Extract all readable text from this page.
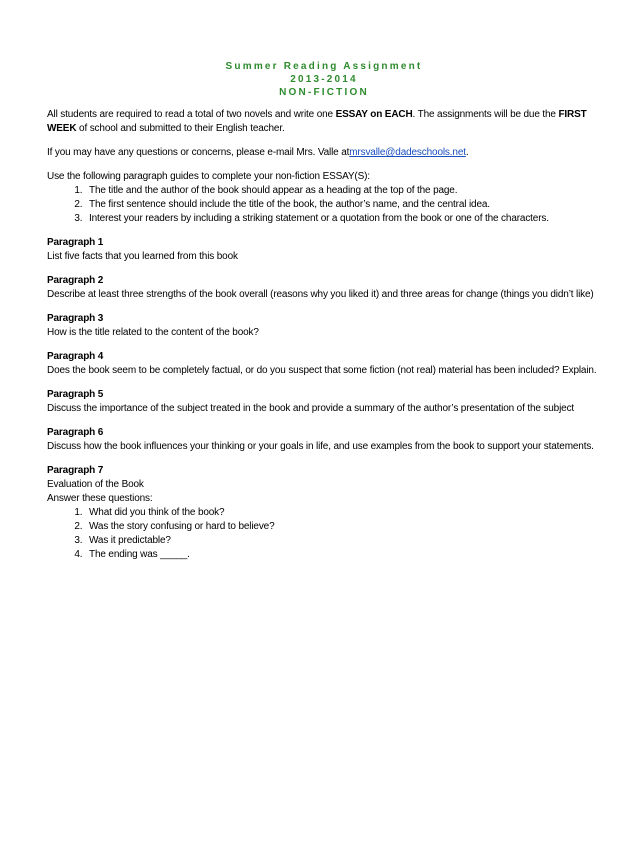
Summer Reading Assignment
2013-2014
NON-FICTION

All students are required to read a total of two novels and write one ESSAY on EACH. The assignments will be due the FIRST WEEK of school and submitted to their English teacher.

If you may have any questions or concerns, please e-mail Mrs. Valle atmrsvalle@dadeschools.net.

Use the following paragraph guides to complete your non-fiction ESSAY(S):

1. The title and the author of the book should appear as a heading at the top of the page.
2. The first sentence should include the title of the book, the author’s name, and the central idea.
3. Interest your readers by including a striking statement or a quotation from the book or one of the characters.

Paragraph 1

List five facts that you learned from this book

Paragraph 2

Describe at least three strengths of the book overall (reasons why you liked it) and three areas for change (things you didn’t like)

Paragraph 3

How is the title related to the content of the book?

Paragraph 4

Does the book seem to be completely factual, or do you suspect that some fiction (not real) material has been included? Explain.

Paragraph 5

Discuss the importance of the subject treated in the book and provide a summary of the author’s presentation of the subject

Paragraph 6

Discuss how the book influences your thinking or your goals in life, and use examples from the book to support your statements.

Paragraph 7

Evaluation of the Book

Answer these questions:

1. What did you think of the book?
2. Was the story confusing or hard to believe?
3. Was it predictable?
4. The ending was _____.
